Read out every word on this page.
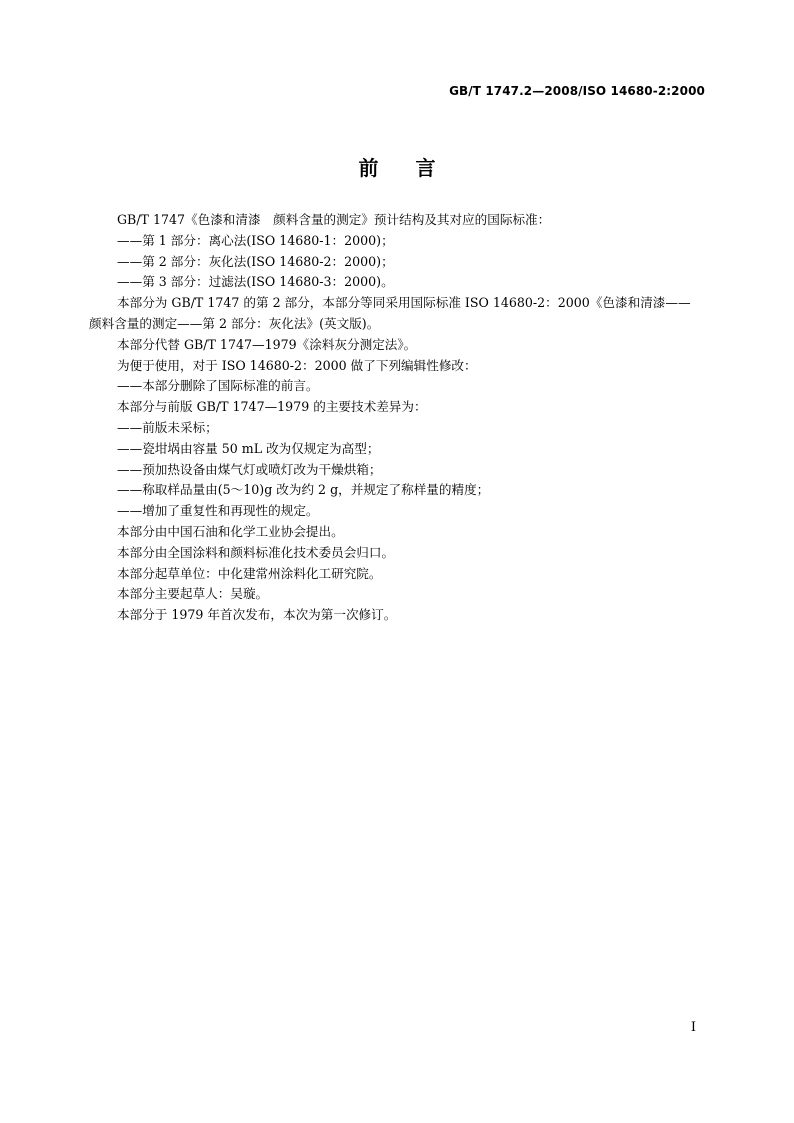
GB/T 1747.2—2008/ISO 14680-2:2000
前言

GB/T 1747《色漆和清漆　颜料含量的测定》预计结构及其对应的国际标准：

——第 1 部分：离心法(ISO 14680-1：2000)；

——第 2 部分：灰化法(ISO 14680-2：2000)；

——第 3 部分：过滤法(ISO 14680-3：2000)。

本部分为 GB/T 1747 的第 2 部分，本部分等同采用国际标准 ISO 14680-2：2000《色漆和清漆——

颜料含量的测定——第 2 部分：灰化法》(英文版)。

本部分代替 GB/T 1747—1979《涂料灰分测定法》。

为便于使用，对于 ISO 14680-2：2000 做了下列编辑性修改：

——本部分删除了国际标准的前言。

本部分与前版 GB/T 1747—1979 的主要技术差异为：

——前版未采标；

——瓷坩埚由容量 50 mL 改为仅规定为高型；

——预加热设备由煤气灯或喷灯改为干燥烘箱；

——称取样品量由(5～10)g 改为约 2 g，并规定了称样量的精度；

——增加了重复性和再现性的规定。

本部分由中国石油和化学工业协会提出。

本部分由全国涂料和颜料标准化技术委员会归口。

本部分起草单位：中化建常州涂料化工研究院。

本部分主要起草人：吴璇。

本部分于 1979 年首次发布，本次为第一次修订。

I
